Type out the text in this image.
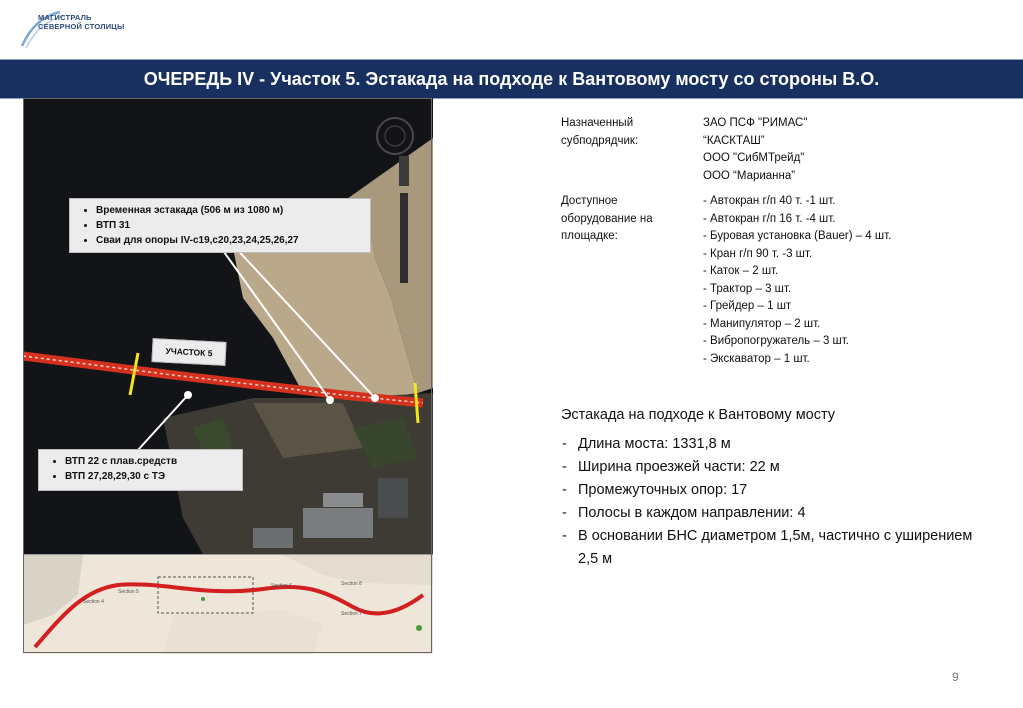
МАГИСТРАЛЬ
СЕВЕРНОЙ СТОЛИЦЫ
ОЧЕРЕДЬ IV - Участок 5. Эстакада на подходе к Вантовому мосту со стороны В.О.
• Временная эстакада (506 м из 1080 м)
• ВТП 31
• Сваи для опоры IV-с19,с20,23,24,25,26,27
УЧАСТОК 5
• ВТП 22 с плав.средств
• ВТП 27,28,29,30 с ТЭ
Section 5
Section 6	Section 8
Section 7
Section 4
Назначенный
субподрядчик:
ЗАО ПСФ "РИМАС"
“КАСКТАШ”
ООО "СибМТрейд"
ООО “Марианна”
Доступное
оборудование на
площадке:
- Автокран г/п 40 т. -1 шт.
- Автокран г/п 16 т. -4 шт.
- Буровая установка (Bauer) – 4 шт.
- Кран г/п 90 т. -3 шт.
- Каток – 2 шт.
- Трактор – 3 шт.
- Грейдер – 1 шт
- Манипулятор – 2 шт.
- Вибропогружатель – 3 шт.
- Экскаватор – 1 шт.
Эстакада на подходе к Вантовому мосту
- Длина моста: 1331,8 м
- Ширина проезжей части: 22 м
- Промежуточных опор: 17
- Полосы в каждом направлении: 4
- В основании БНС диаметром 1,5м, частично с уширением 2,5 м
9
